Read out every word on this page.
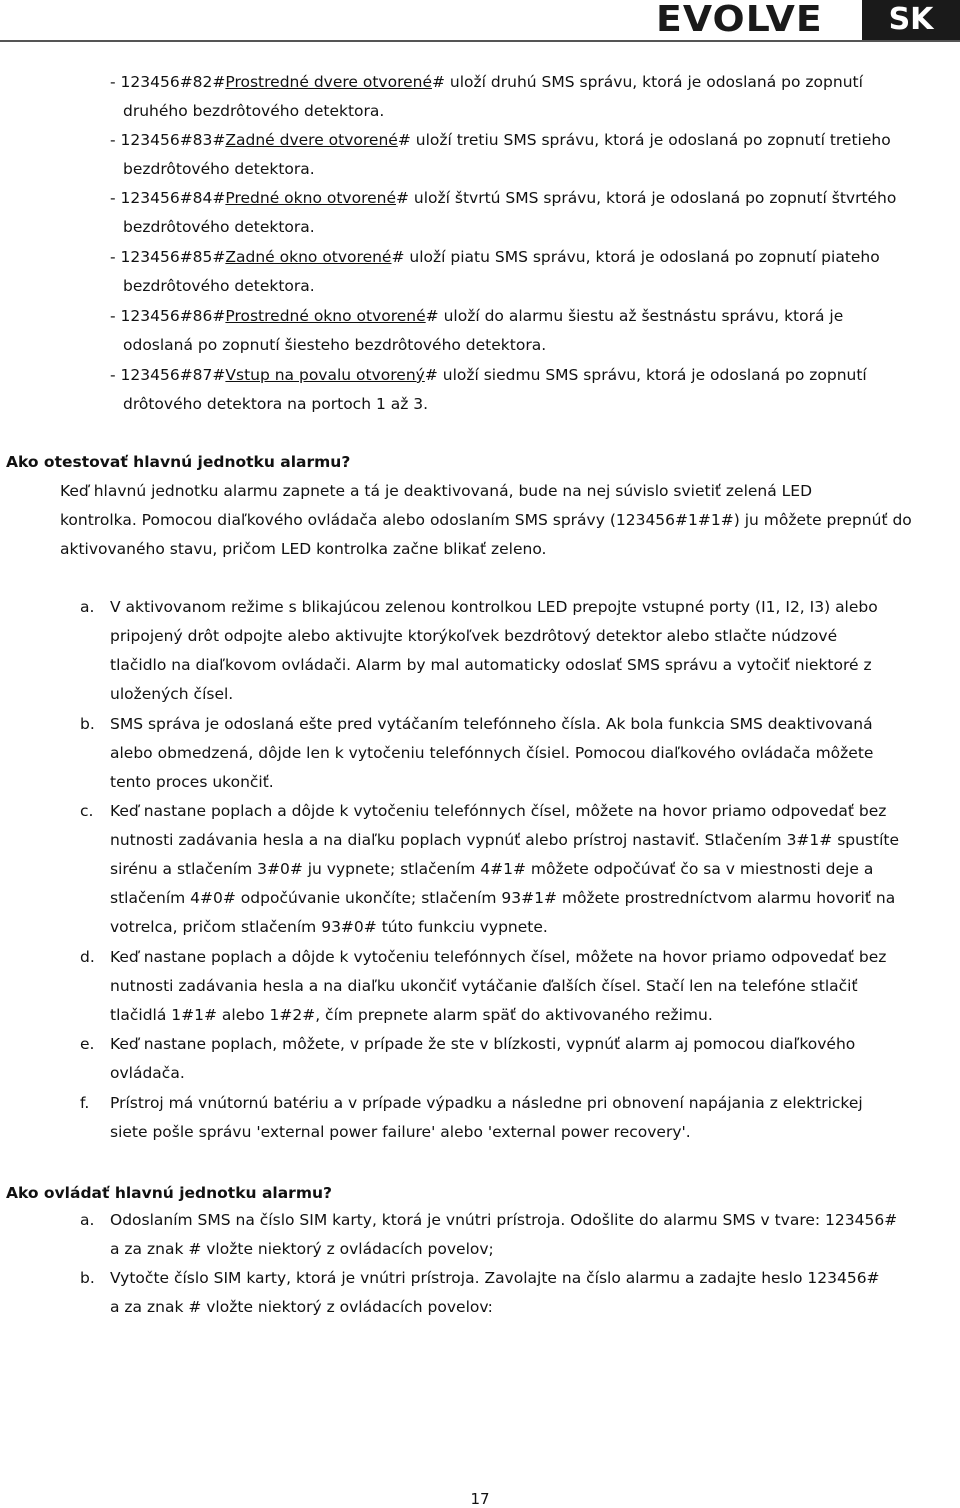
EVOLVE	SK
- 123456#82#Prostredné dvere otvorené# uloží druhú SMS správu, ktorá je odoslaná po zopnutí
druhého bezdrôtového detektora.
- 123456#83#Zadné dvere otvorené# uloží tretiu SMS správu, ktorá je odoslaná po zopnutí tretieho
bezdrôtového detektora.
- 123456#84#Predné okno otvorené# uloží štvrtú SMS správu, ktorá je odoslaná po zopnutí štvrtého
bezdrôtového detektora.
- 123456#85#Zadné okno otvorené# uloží piatu SMS správu, ktorá je odoslaná po zopnutí piateho
bezdrôtového detektora.
- 123456#86#Prostredné okno otvorené# uloží do alarmu šiestu až šestnástu správu, ktorá je
odoslaná po zopnutí šiesteho bezdrôtového detektora.
- 123456#87#Vstup na povalu otvorený# uloží siedmu SMS správu, ktorá je odoslaná po zopnutí
drôtového detektora na portoch 1 až 3.
Ako otestovať hlavnú jednotku alarmu?
Keď hlavnú jednotku alarmu zapnete a tá je deaktivovaná, bude na nej súvislo svietiť zelená LED
kontrolka. Pomocou diaľkového ovládača alebo odoslaním SMS správy (123456#1#1#) ju môžete prepnúť do
aktivovaného stavu, pričom LED kontrolka začne blikať zeleno.
a.	V aktivovanom režime s blikajúcou zelenou kontrolkou LED prepojte vstupné porty (I1, I2, I3) alebo
pripojený drôt odpojte alebo aktivujte ktorýkoľvek bezdrôtový detektor alebo stlačte núdzové
tlačidlo na diaľkovom ovládači. Alarm by mal automaticky odoslať SMS správu a vytočiť niektoré z
uložených čísel.
b. SMS správa je odoslaná ešte pred vytáčaním telefónneho čísla. Ak bola funkcia SMS deaktivovaná
alebo obmedzená, dôjde len k vytočeniu telefónnych čísiel. Pomocou diaľkového ovládača môžete
tento proces ukončiť.
c.	Keď nastane poplach a dôjde k vytočeniu telefónnych čísel, môžete na hovor priamo odpovedať bez
nutnosti zadávania hesla a na diaľku poplach vypnúť alebo prístroj nastaviť. Stlačením 3#1# spustíte
sirénu a stlačením 3#0# ju vypnete; stlačením 4#1# môžete odpočúvať čo sa v miestnosti deje a
stlačením 4#0# odpočúvanie ukončíte; stlačením 93#1# môžete prostredníctvom alarmu hovoriť na
votrelca, pričom stlačením 93#0# túto funkciu vypnete.
d. Keď nastane poplach a dôjde k vytočeniu telefónnych čísel, môžete na hovor priamo odpovedať bez
nutnosti zadávania hesla a na diaľku ukončiť vytáčanie ďalších čísel. Stačí len na telefóne stlačiť
tlačidlá 1#1# alebo 1#2#, čím prepnete alarm späť do aktivovaného režimu.
e.	Keď nastane poplach, môžete, v prípade že ste v blízkosti, vypnúť alarm aj pomocou diaľkového
ovládača.
f.	Prístroj má vnútornú batériu a v prípade výpadku a následne pri obnovení napájania z elektrickej
siete pošle správu 'external power failure' alebo 'external power recovery'.
Ako ovládať hlavnú jednotku alarmu?
a.	Odoslaním SMS na číslo SIM karty, ktorá je vnútri prístroja. Odošlite do alarmu SMS v tvare: 123456#
a za znak # vložte niektorý z ovládacích povelov;
b. Vytočte číslo SIM karty, ktorá je vnútri prístroja. Zavolajte na číslo alarmu a zadajte heslo 123456#
a za znak # vložte niektorý z ovládacích povelov:
17
